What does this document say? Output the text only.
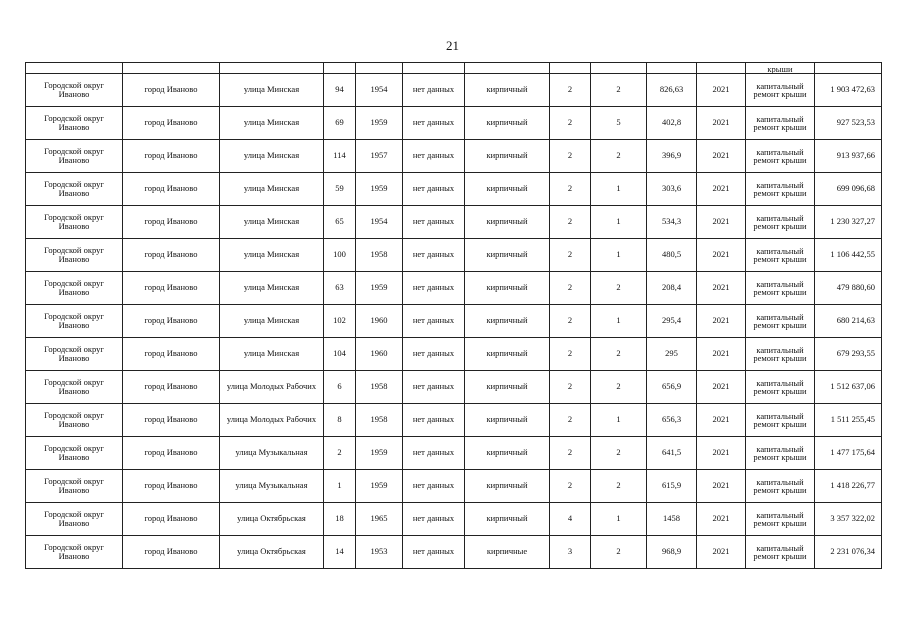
21
											крыши	
Городской округ Иваново	город Иваново	улица Минская	94	1954	нет данных	кирпичный	2	2	826,63	2021	капитальный ремонт крыши	1 903 472,63
Городской округ Иваново	город Иваново	улица Минская	69	1959	нет данных	кирпичный	2	5	402,8	2021	капитальный ремонт крыши	927 523,53
Городской округ Иваново	город Иваново	улица Минская	114	1957	нет данных	кирпичный	2	2	396,9	2021	капитальный ремонт крыши	913 937,66
Городской округ Иваново	город Иваново	улица Минская	59	1959	нет данных	кирпичный	2	1	303,6	2021	капитальный ремонт крыши	699 096,68
Городской округ Иваново	город Иваново	улица Минская	65	1954	нет данных	кирпичный	2	1	534,3	2021	капитальный ремонт крыши	1 230 327,27
Городской округ Иваново	город Иваново	улица Минская	100	1958	нет данных	кирпичный	2	1	480,5	2021	капитальный ремонт крыши	1 106 442,55
Городской округ Иваново	город Иваново	улица Минская	63	1959	нет данных	кирпичный	2	2	208,4	2021	капитальный ремонт крыши	479 880,60
Городской округ Иваново	город Иваново	улица Минская	102	1960	нет данных	кирпичный	2	1	295,4	2021	капитальный ремонт крыши	680 214,63
Городской округ Иваново	город Иваново	улица Минская	104	1960	нет данных	кирпичный	2	2	295	2021	капитальный ремонт крыши	679 293,55
Городской округ Иваново	город Иваново	улица Молодых Рабочих	6	1958	нет данных	кирпичный	2	2	656,9	2021	капитальный ремонт крыши	1 512 637,06
Городской округ Иваново	город Иваново	улица Молодых Рабочих	8	1958	нет данных	кирпичный	2	1	656,3	2021	капитальный ремонт крыши	1 511 255,45
Городской округ Иваново	город Иваново	улица Музыкальная	2	1959	нет данных	кирпичный	2	2	641,5	2021	капитальный ремонт крыши	1 477 175,64
Городской округ Иваново	город Иваново	улица Музыкальная	1	1959	нет данных	кирпичный	2	2	615,9	2021	капитальный ремонт крыши	1 418 226,77
Городской округ Иваново	город Иваново	улица Октябрьская	18	1965	нет данных	кирпичный	4	1	1458	2021	капитальный ремонт крыши	3 357 322,02
Городской округ Иваново	город Иваново	улица Октябрьская	14	1953	нет данных	кирпичные	3	2	968,9	2021	капитальный ремонт крыши	2 231 076,34
